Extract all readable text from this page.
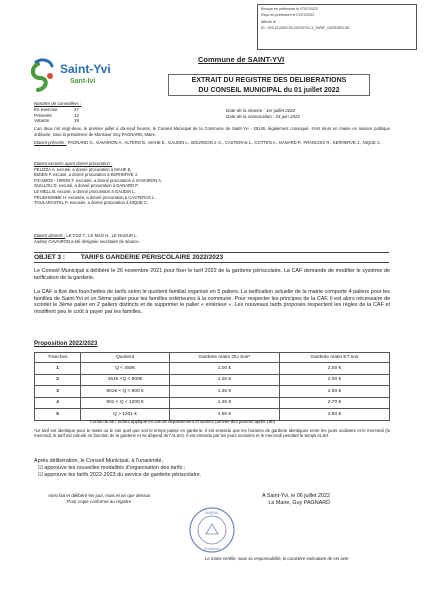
Envoyé en préfecture le 07/07/2022
Reçu en préfecture le 07/07/2022
Affiché le
ID : 029-212902720-20220701-3_TARIF_GARDERI-DE
Saint-Yvi
Sant-Ivi
Commune de SAINT-YVI
EXTRAIT DU REGISTRE DES DELIBERATIONS
DU CONSEIL MUNICIPAL du 01 juillet 2022
Nombre de conseillers :
En exercice	27
Présents	12
Votants	19
Date de la séance : 1er juillet 2022
Date de la convocation : 24 juin 2022
L'an deux mil vingt-deux, le premier juillet à dix-neuf heures, le Conseil Municipal de la Commune de Saint-Yvi - 29140, légalement convoqué, s'est réuni en mairie en séance publique ordinaire, sous la présidence de Monsieur Guy PAGNARD, Maire.
Etaient présents : PAGNARD G., GAVAIRON A., ALTERO B., MAHE E., GAUDIN L., BOURDON J.-C., CASTERAS L., COTTEN A., DANARD P., FRANCOIS R., KERHERVE J., NIQUE C.
Etaient excusés ayant donné procuration :
PELIZZA A. excusé, a donné procuration à MAHE E.
BIZIEN F. excusé, a donné procuration à KERHERVE J.
FICAMOS - HIRON F. excusée, a donné procuration à GAVAIRON A.
GUILLOU D. excusé, a donné procuration à DANARD P.
LE MELL B. excusé, a donné procuration à GAUDIN L.
PRUDHOMME H. excusée, a donné procuration à CASTERAS L.
TOULARASTEL P. excusée, a donné procuration à NIQUE C.
Etaient absents : LE COZ T., LE MAO H., LE NAOUR L.
Audrey GAVAIRON a été désignée secrétaire de séance.
OBJET 3 : TARIFS GARDERIE PERISCOLAIRE 2022/2023
Le Conseil Municipal a délibéré le 26 novembre 2021 pour fixer le tarif 2022 de la garderie périscolaire. La CAF demande de modifier le système de tarification de la garderie.
La CAF a fixé des fourchettes de tarifs selon le quotient familial organisé en 5 paliers. La tarification actuelle de la mairie comporte 4 paliers pour les familles de Saint-Yvi et un 5ème palier pour les familles extérieures à la commune. Pour respecter les principes de la CAF, il est alors nécessaire de scinder le 3ème palier en 2 paliers distincts et de supprimer le palier « extérieur ». Les nouveaux tarifs proposés respectent les règles de la CAF et modifient peu le coût à payer par les familles.
Proposition 2022/2023
Tranches	Quotient	Garderie matin OU Soir*	Garderie matin ET soir
1	Q < 450€	1.00 €	2.00 €
2	451€ <Q < 800€	1.25 €	2.00 €
3	801€ < Q < 900 €	1.35 €	2.50 €
4	901 < Q < 1200 €	1.45 €	2.70 €
5	Q > 1201 €	1.55 €	2.90 €
Forfait de 5€ / enfant appliqué en cas de dépassement d'horaires (arrivée des parents après 19h)
*Le tarif est identique pour le matin ou le soir quel que soit le temps passé en garderie. Il est entendu que les horaires de garderie identiques entre les jours scolaires et le mercredi (le mercredi, le tarif est calculé en fonction de la garderie et ne dépend de l'ALSH). Il est entendu par les jours scolaires et le mercredi pendant le temps ALSH.
Après délibération, le Conseil Municipal, à l'unanimité,
☑ approuve les nouvelles modalités d'organisation des tarifs ;
☑ approuve les tarifs 2022-2023 du service de garderie périscolaire.
Ainsi fait et délibéré les jour, mois et an que dessus
Pour copie conforme au registre
A Saint-Yvi, le 06 juillet 2022
Le Maire, Guy PAGNARD
MAIRIE
(Finistère)
Le maire certifie, sous sa responsabilité, le caractère exécutoire de cet acte
